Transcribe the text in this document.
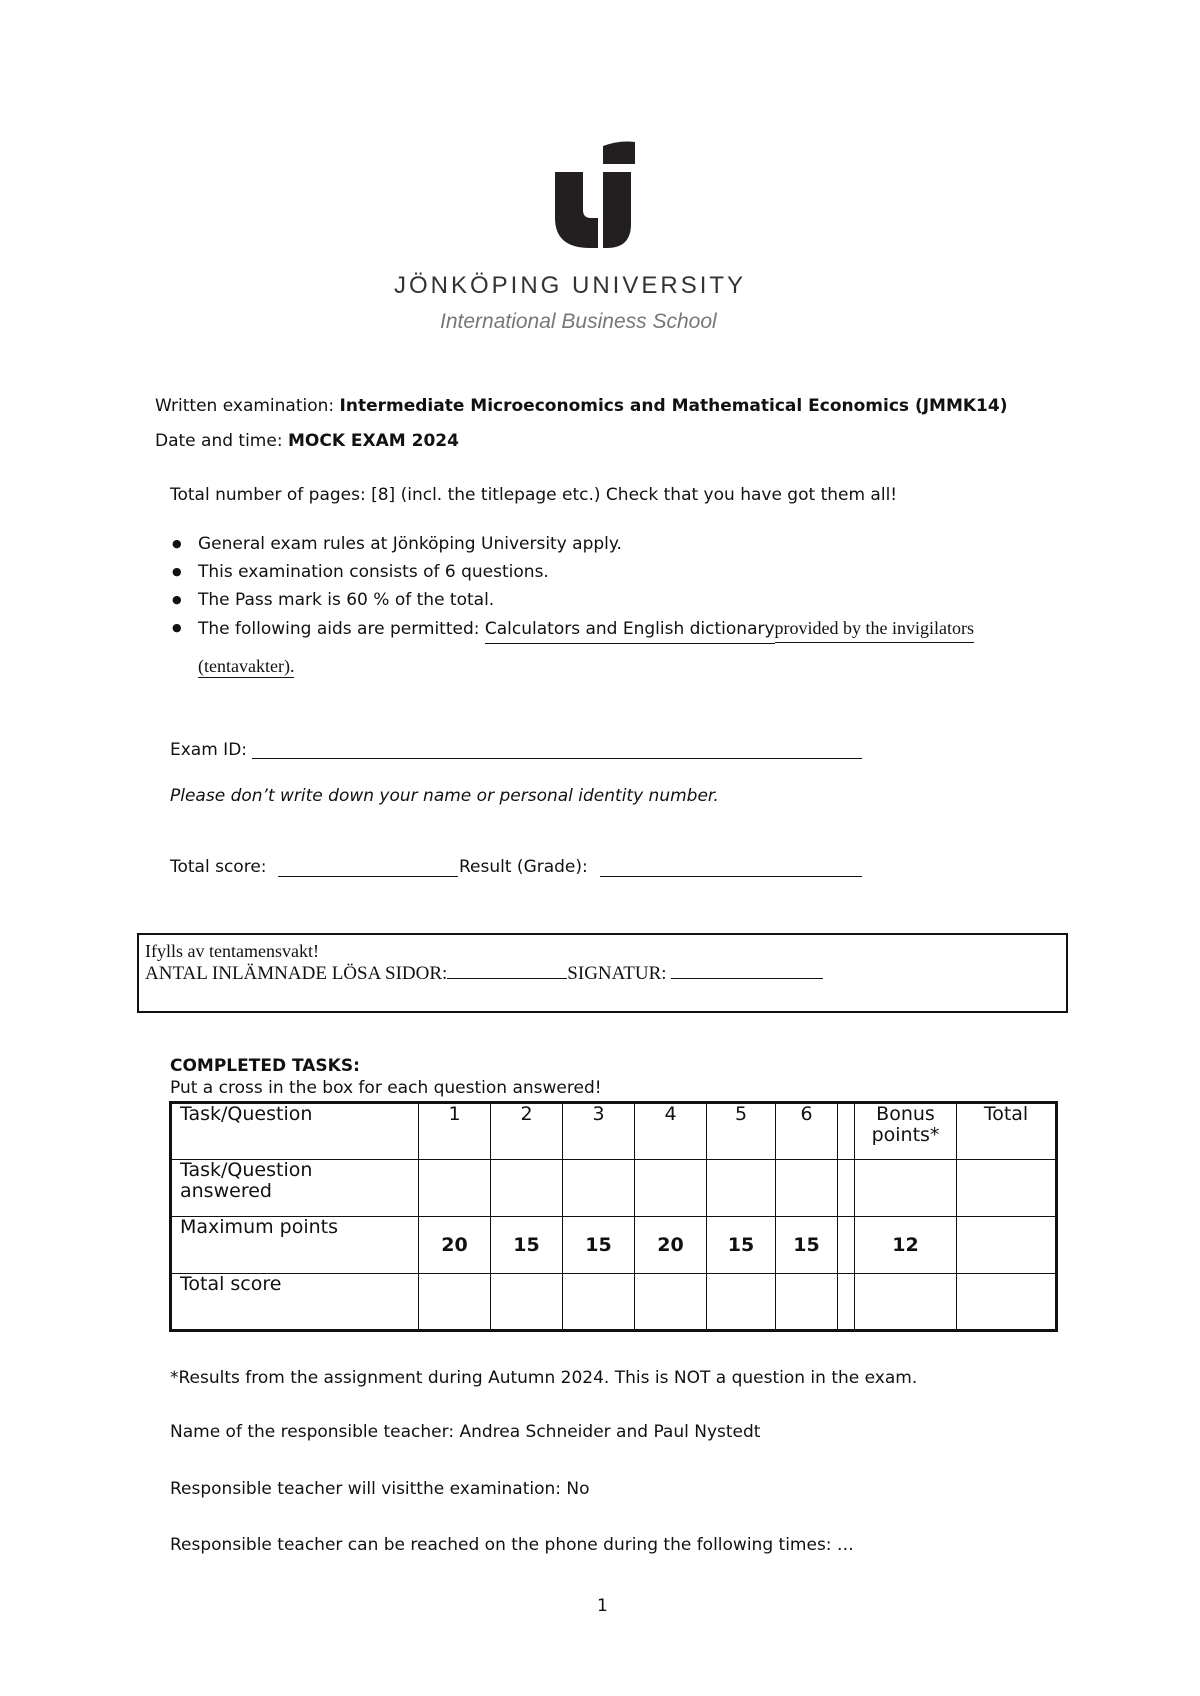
JÖNKÖPING UNIVERSITY
International Business School
Written examination: Intermediate Microeconomics and Mathematical Economics (JMMK14)
Date and time: MOCK EXAM 2024
Total number of pages: [8] (incl. the titlepage etc.) Check that you have got them all!
● General exam rules at Jönköping University apply.
● This examination consists of 6 questions.
● The Pass mark is 60 % of the total.
● The following aids are permitted: Calculators and English dictionaryprovided by the invigilators
(tentavakter).
Exam ID:
Please don’t write down your name or personal identity number.
Total score:	Result (Grade):
Ifylls av tentamensvakt!
ANTAL INLÄMNADE LÖSA SIDOR:	SIGNATUR:
COMPLETED TASKS:
Put a cross in the box for each question answered!
Task/Question	1	2	3	4	5	6		Bonus points*	Total
Task/Question answered									
Maximum points	20	15	15	20	15	15		12	
Total score									
*Results from the assignment during Autumn 2024. This is NOT a question in the exam.
Name of the responsible teacher: Andrea Schneider and Paul Nystedt
Responsible teacher will visitthe examination: No
Responsible teacher can be reached on the phone during the following times: …
1
